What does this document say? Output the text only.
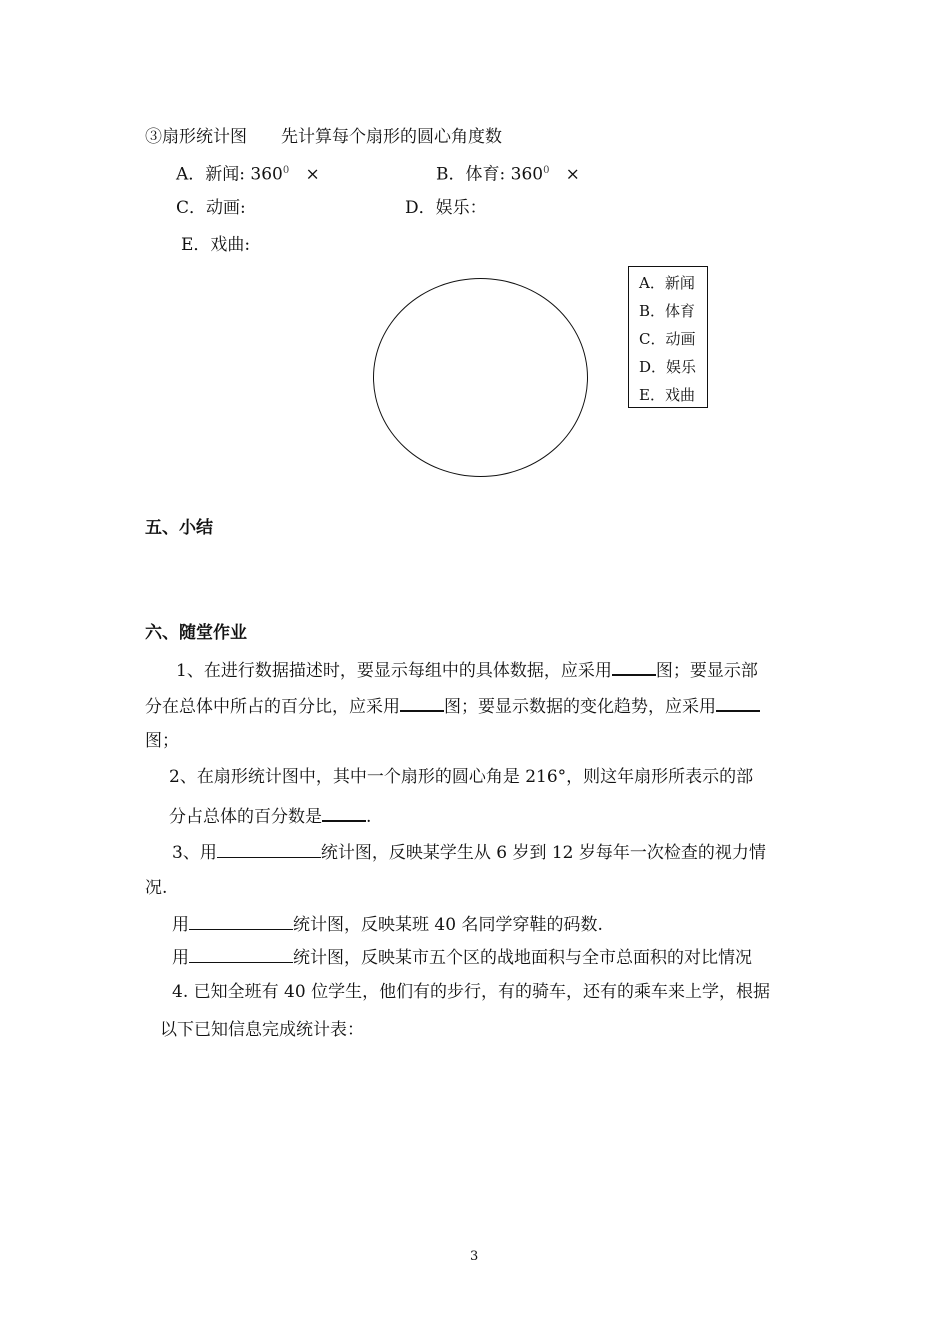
③扇形统计图 先计算每个扇形的圆心角度数
A．新闻: $360^0$ ×	B．体育: $360^0$ ×
C．动画:	D．娱乐：
E．戏曲:
A．新闻
B．体育
C．动画
D．娱乐
E．戏曲
五、小结
六、随堂作业
1、在进行数据描述时，要显示每组中的具体数据，应采用	图；要显示部
分在总体中所占的百分比，应采用	图；要显示数据的变化趋势，应采用
图；
2、在扇形统计图中，其中一个扇形的圆心角是 216°，则这年扇形所表示的部
分占总体的百分数是	.
3、用	统计图，反映某学生从 6 岁到 12 岁每年一次检查的视力情
况.
用	统计图，反映某班 40 名同学穿鞋的码数.
用	统计图，反映某市五个区的战地面积与全市总面积的对比情况
4. 已知全班有 40 位学生，他们有的步行，有的骑车，还有的乘车来上学，根据
以下已知信息完成统计表：
3
